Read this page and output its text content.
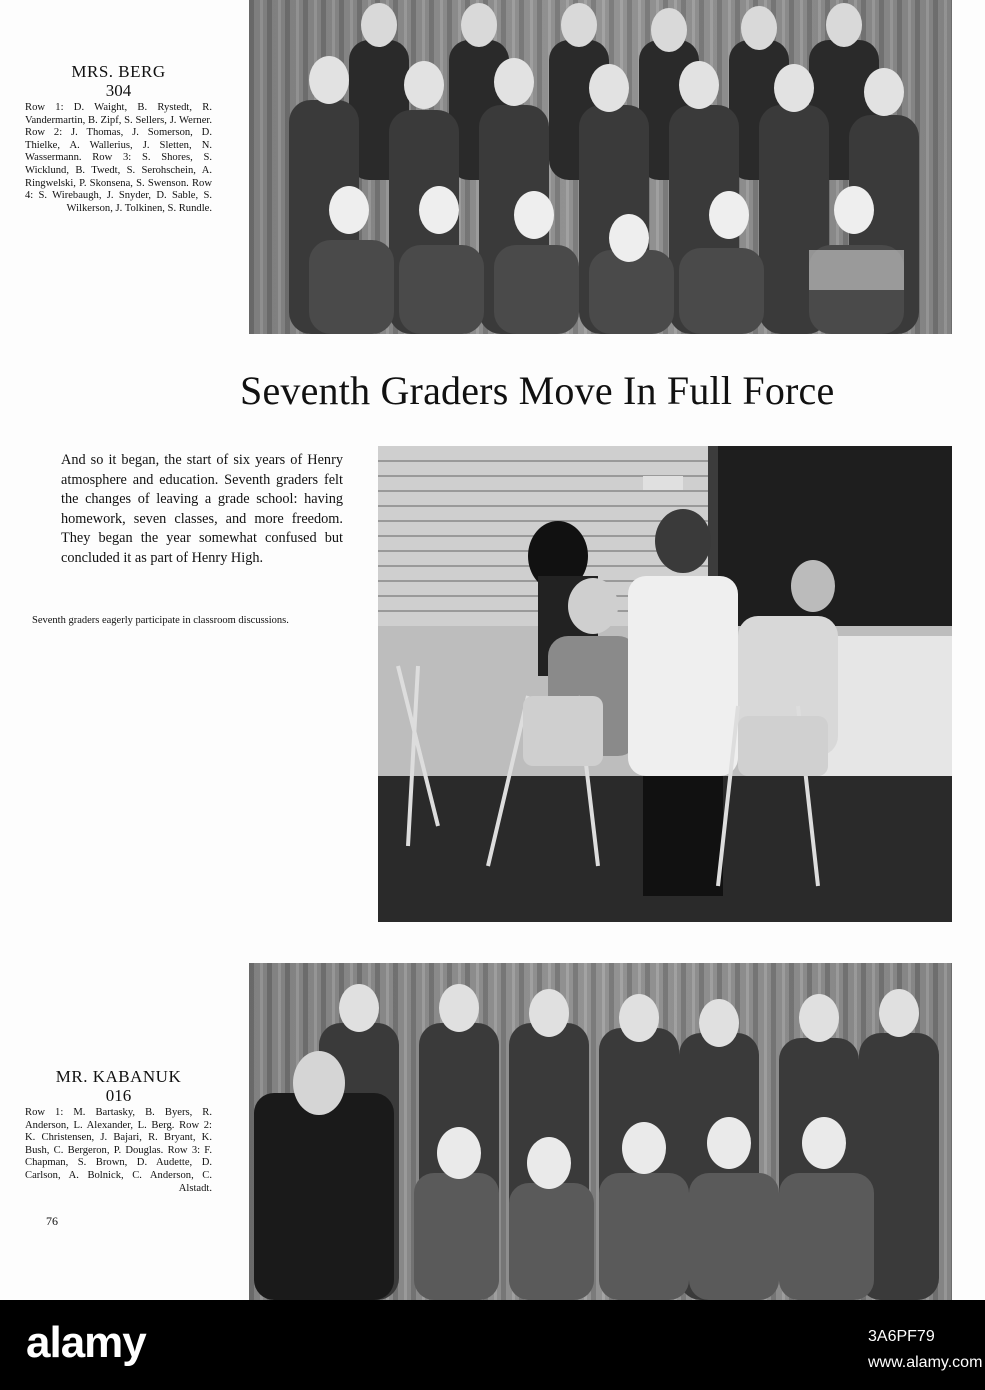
MRS. BERG
304
Row 1: D. Waight, B. Rystedt, R. Vandermartin, B. Zipf, S. Sellers, J. Werner. Row 2: J. Thomas, J. Somerson, D. Thielke, A. Wallerius, J. Sletten, N. Wassermann. Row 3: S. Shores, S. Wicklund, B. Twedt, S. Serohschein, A. Ringwelski, P. Skonsena, S. Swenson. Row 4: S. Wirebaugh, J. Snyder, D. Sable, S. Wilkerson, J. Tolkinen, S. Rundle.
Seventh Graders Move In Full Force
And so it began, the start of six years of Henry atmosphere and education. Seventh graders felt the changes of leaving a grade school: having homework, seven classes, and more freedom. They began the year somewhat confused but concluded it as part of Henry High.
Seventh graders eagerly participate in classroom discussions.
MR. KABANUK
016
Row 1: M. Bartasky, B. Byers, R. Anderson, L. Alexander, L. Berg. Row 2: K. Christensen, J. Bajari, R. Bryant, K. Bush, C. Bergeron, P. Douglas. Row 3: F. Chapman, S. Brown, D. Audette, D. Carlson, A. Bolnick, C. Anderson, C. Alstadt.
76
alamy	3A6PF79
www.alamy.com
